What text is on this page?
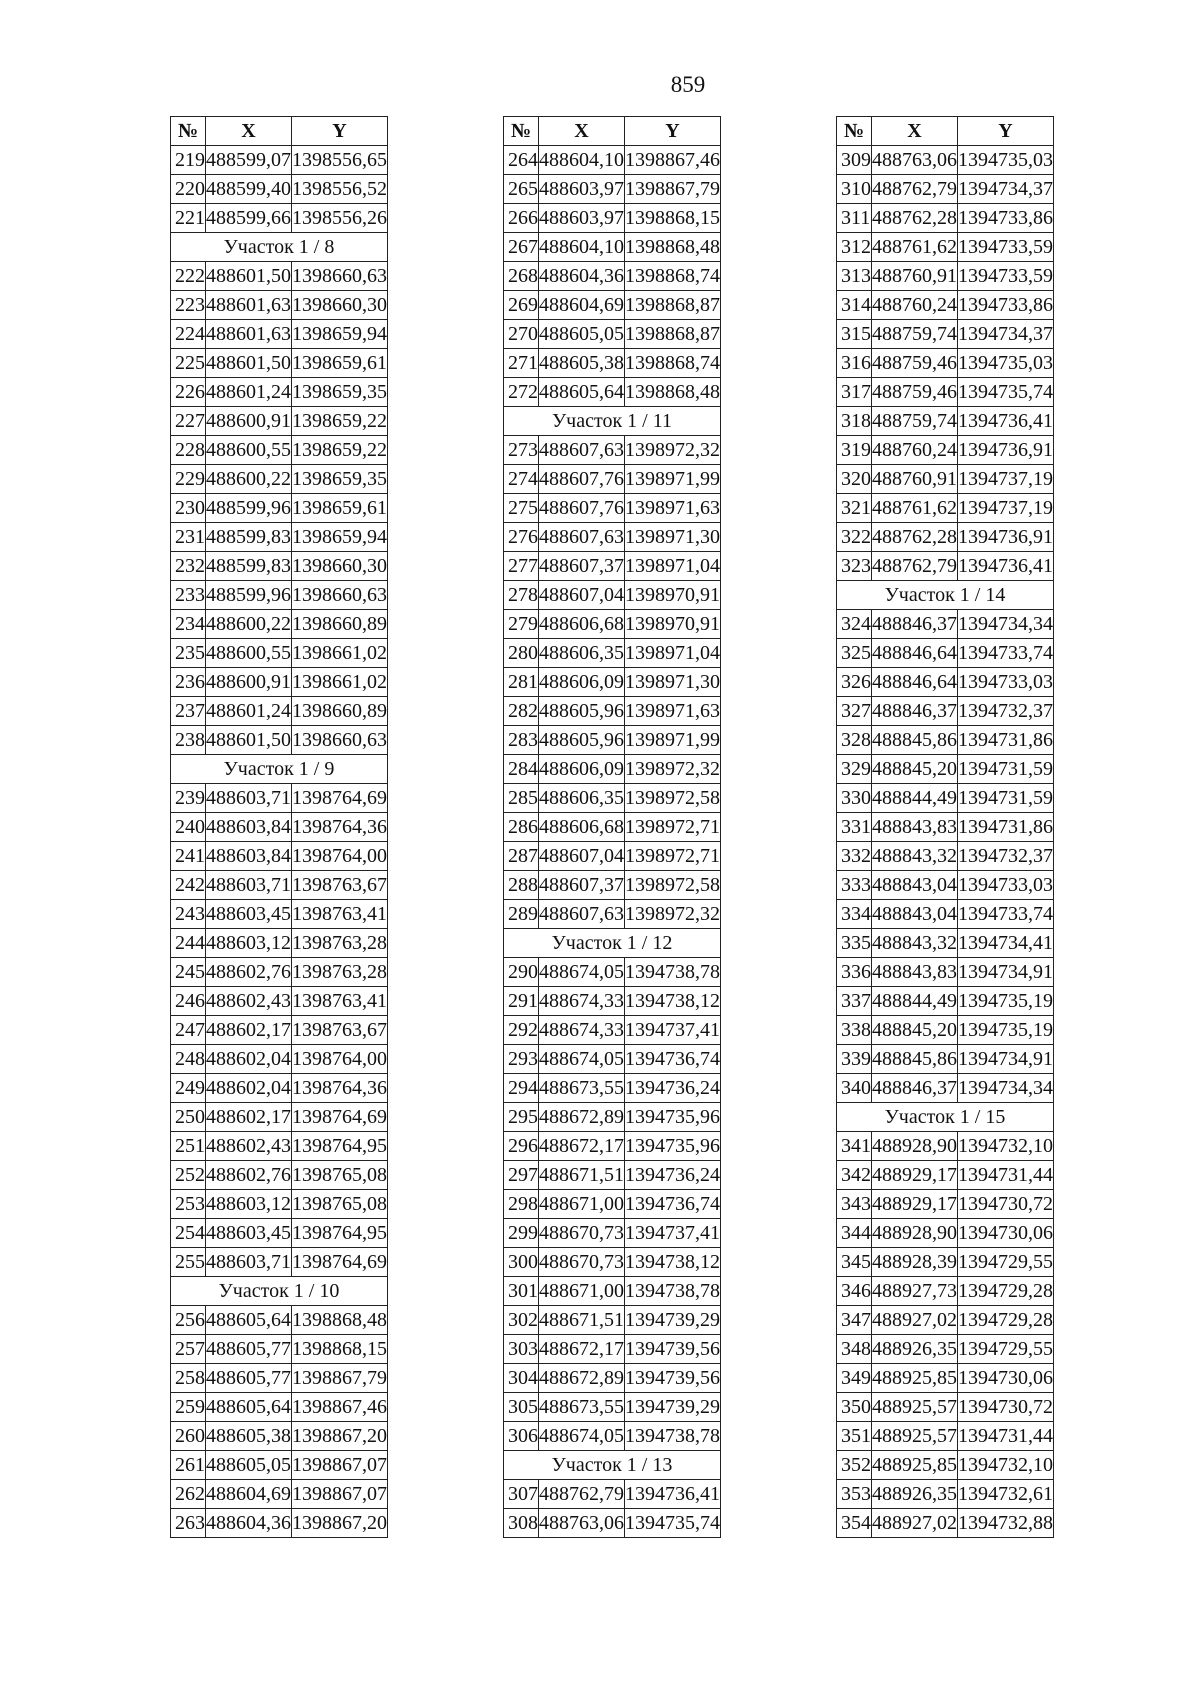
859
№	X	Y
219	488599,07	1398556,65
220	488599,40	1398556,52
221	488599,66	1398556,26
Участок 1 / 8		
222	488601,50	1398660,63
223	488601,63	1398660,30
224	488601,63	1398659,94
225	488601,50	1398659,61
226	488601,24	1398659,35
227	488600,91	1398659,22
228	488600,55	1398659,22
229	488600,22	1398659,35
230	488599,96	1398659,61
231	488599,83	1398659,94
232	488599,83	1398660,30
233	488599,96	1398660,63
234	488600,22	1398660,89
235	488600,55	1398661,02
236	488600,91	1398661,02
237	488601,24	1398660,89
238	488601,50	1398660,63
Участок 1 / 9		
239	488603,71	1398764,69
240	488603,84	1398764,36
241	488603,84	1398764,00
242	488603,71	1398763,67
243	488603,45	1398763,41
244	488603,12	1398763,28
245	488602,76	1398763,28
246	488602,43	1398763,41
247	488602,17	1398763,67
248	488602,04	1398764,00
249	488602,04	1398764,36
250	488602,17	1398764,69
251	488602,43	1398764,95
252	488602,76	1398765,08
253	488603,12	1398765,08
254	488603,45	1398764,95
255	488603,71	1398764,69
Участок 1 / 10		
256	488605,64	1398868,48
257	488605,77	1398868,15
258	488605,77	1398867,79
259	488605,64	1398867,46
260	488605,38	1398867,20
261	488605,05	1398867,07
262	488604,69	1398867,07
263	488604,36	1398867,20
№	X	Y
264	488604,10	1398867,46
265	488603,97	1398867,79
266	488603,97	1398868,15
267	488604,10	1398868,48
268	488604,36	1398868,74
269	488604,69	1398868,87
270	488605,05	1398868,87
271	488605,38	1398868,74
272	488605,64	1398868,48
Участок 1 / 11		
273	488607,63	1398972,32
274	488607,76	1398971,99
275	488607,76	1398971,63
276	488607,63	1398971,30
277	488607,37	1398971,04
278	488607,04	1398970,91
279	488606,68	1398970,91
280	488606,35	1398971,04
281	488606,09	1398971,30
282	488605,96	1398971,63
283	488605,96	1398971,99
284	488606,09	1398972,32
285	488606,35	1398972,58
286	488606,68	1398972,71
287	488607,04	1398972,71
288	488607,37	1398972,58
289	488607,63	1398972,32
Участок 1 / 12		
290	488674,05	1394738,78
291	488674,33	1394738,12
292	488674,33	1394737,41
293	488674,05	1394736,74
294	488673,55	1394736,24
295	488672,89	1394735,96
296	488672,17	1394735,96
297	488671,51	1394736,24
298	488671,00	1394736,74
299	488670,73	1394737,41
300	488670,73	1394738,12
301	488671,00	1394738,78
302	488671,51	1394739,29
303	488672,17	1394739,56
304	488672,89	1394739,56
305	488673,55	1394739,29
306	488674,05	1394738,78
Участок 1 / 13		
307	488762,79	1394736,41
308	488763,06	1394735,74
№	X	Y
309	488763,06	1394735,03
310	488762,79	1394734,37
311	488762,28	1394733,86
312	488761,62	1394733,59
313	488760,91	1394733,59
314	488760,24	1394733,86
315	488759,74	1394734,37
316	488759,46	1394735,03
317	488759,46	1394735,74
318	488759,74	1394736,41
319	488760,24	1394736,91
320	488760,91	1394737,19
321	488761,62	1394737,19
322	488762,28	1394736,91
323	488762,79	1394736,41
Участок 1 / 14		
324	488846,37	1394734,34
325	488846,64	1394733,74
326	488846,64	1394733,03
327	488846,37	1394732,37
328	488845,86	1394731,86
329	488845,20	1394731,59
330	488844,49	1394731,59
331	488843,83	1394731,86
332	488843,32	1394732,37
333	488843,04	1394733,03
334	488843,04	1394733,74
335	488843,32	1394734,41
336	488843,83	1394734,91
337	488844,49	1394735,19
338	488845,20	1394735,19
339	488845,86	1394734,91
340	488846,37	1394734,34
Участок 1 / 15		
341	488928,90	1394732,10
342	488929,17	1394731,44
343	488929,17	1394730,72
344	488928,90	1394730,06
345	488928,39	1394729,55
346	488927,73	1394729,28
347	488927,02	1394729,28
348	488926,35	1394729,55
349	488925,85	1394730,06
350	488925,57	1394730,72
351	488925,57	1394731,44
352	488925,85	1394732,10
353	488926,35	1394732,61
354	488927,02	1394732,88
